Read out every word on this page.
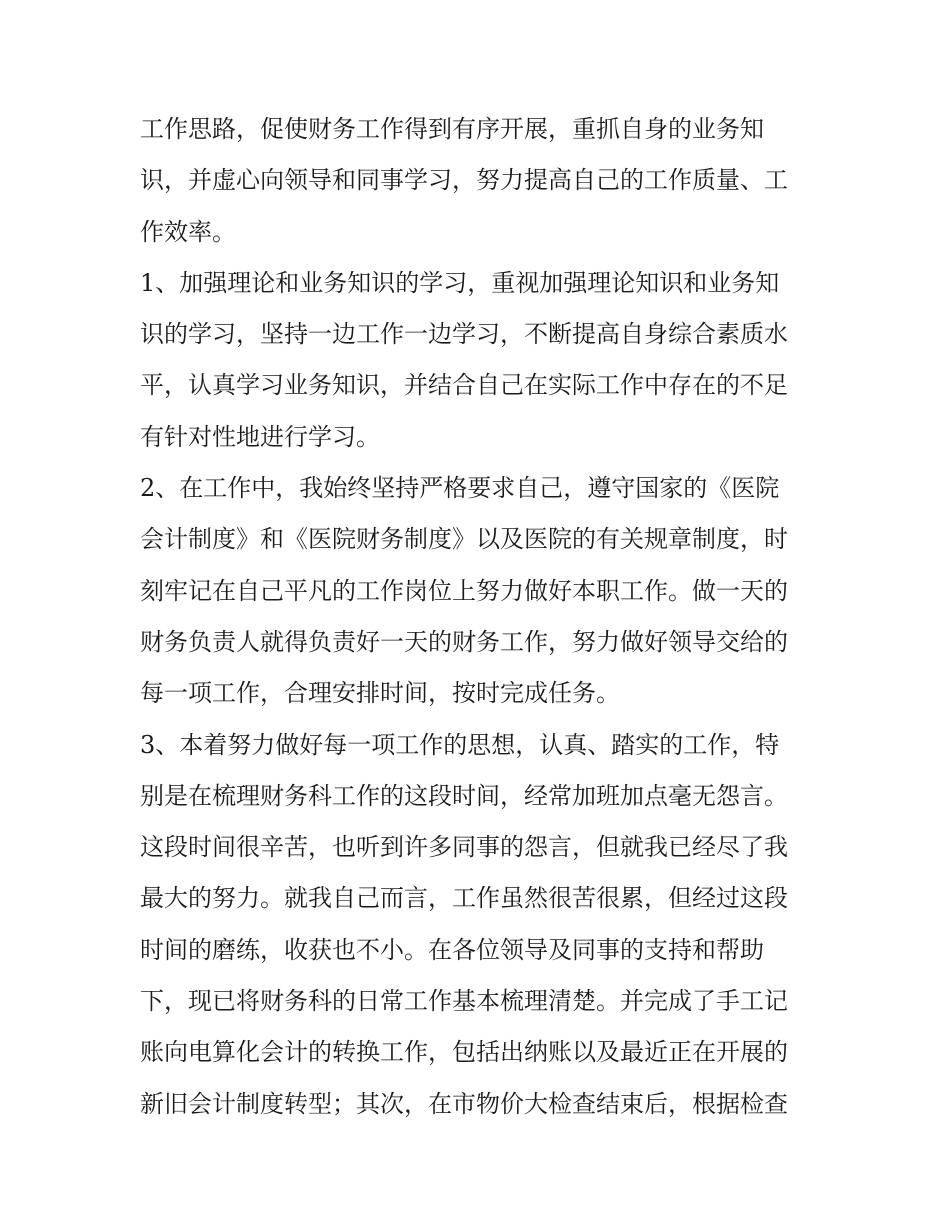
工作思路，促使财务工作得到有序开展，重抓自身的业务知
识，并虚心向领导和同事学习，努力提高自己的工作质量、工
作效率。
1、加强理论和业务知识的学习，重视加强理论知识和业务知
识的学习，坚持一边工作一边学习，不断提高自身综合素质水
平，认真学习业务知识，并结合自己在实际工作中存在的不足
有针对性地进行学习。
2、在工作中，我始终坚持严格要求自己，遵守国家的《医院
会计制度》和《医院财务制度》以及医院的有关规章制度，时
刻牢记在自己平凡的工作岗位上努力做好本职工作。做一天的
财务负责人就得负责好一天的财务工作，努力做好领导交给的
每一项工作，合理安排时间，按时完成任务。
3、本着努力做好每一项工作的思想，认真、踏实的工作，特
别是在梳理财务科工作的这段时间，经常加班加点毫无怨言。
这段时间很辛苦，也听到许多同事的怨言，但就我已经尽了我
最大的努力。就我自己而言，工作虽然很苦很累，但经过这段
时间的磨练，收获也不小。在各位领导及同事的支持和帮助
下，现已将财务科的日常工作基本梳理清楚。并完成了手工记
账向电算化会计的转换工作，包括出纳账以及最近正在开展的
新旧会计制度转型；其次，在市物价大检查结束后，根据检查
